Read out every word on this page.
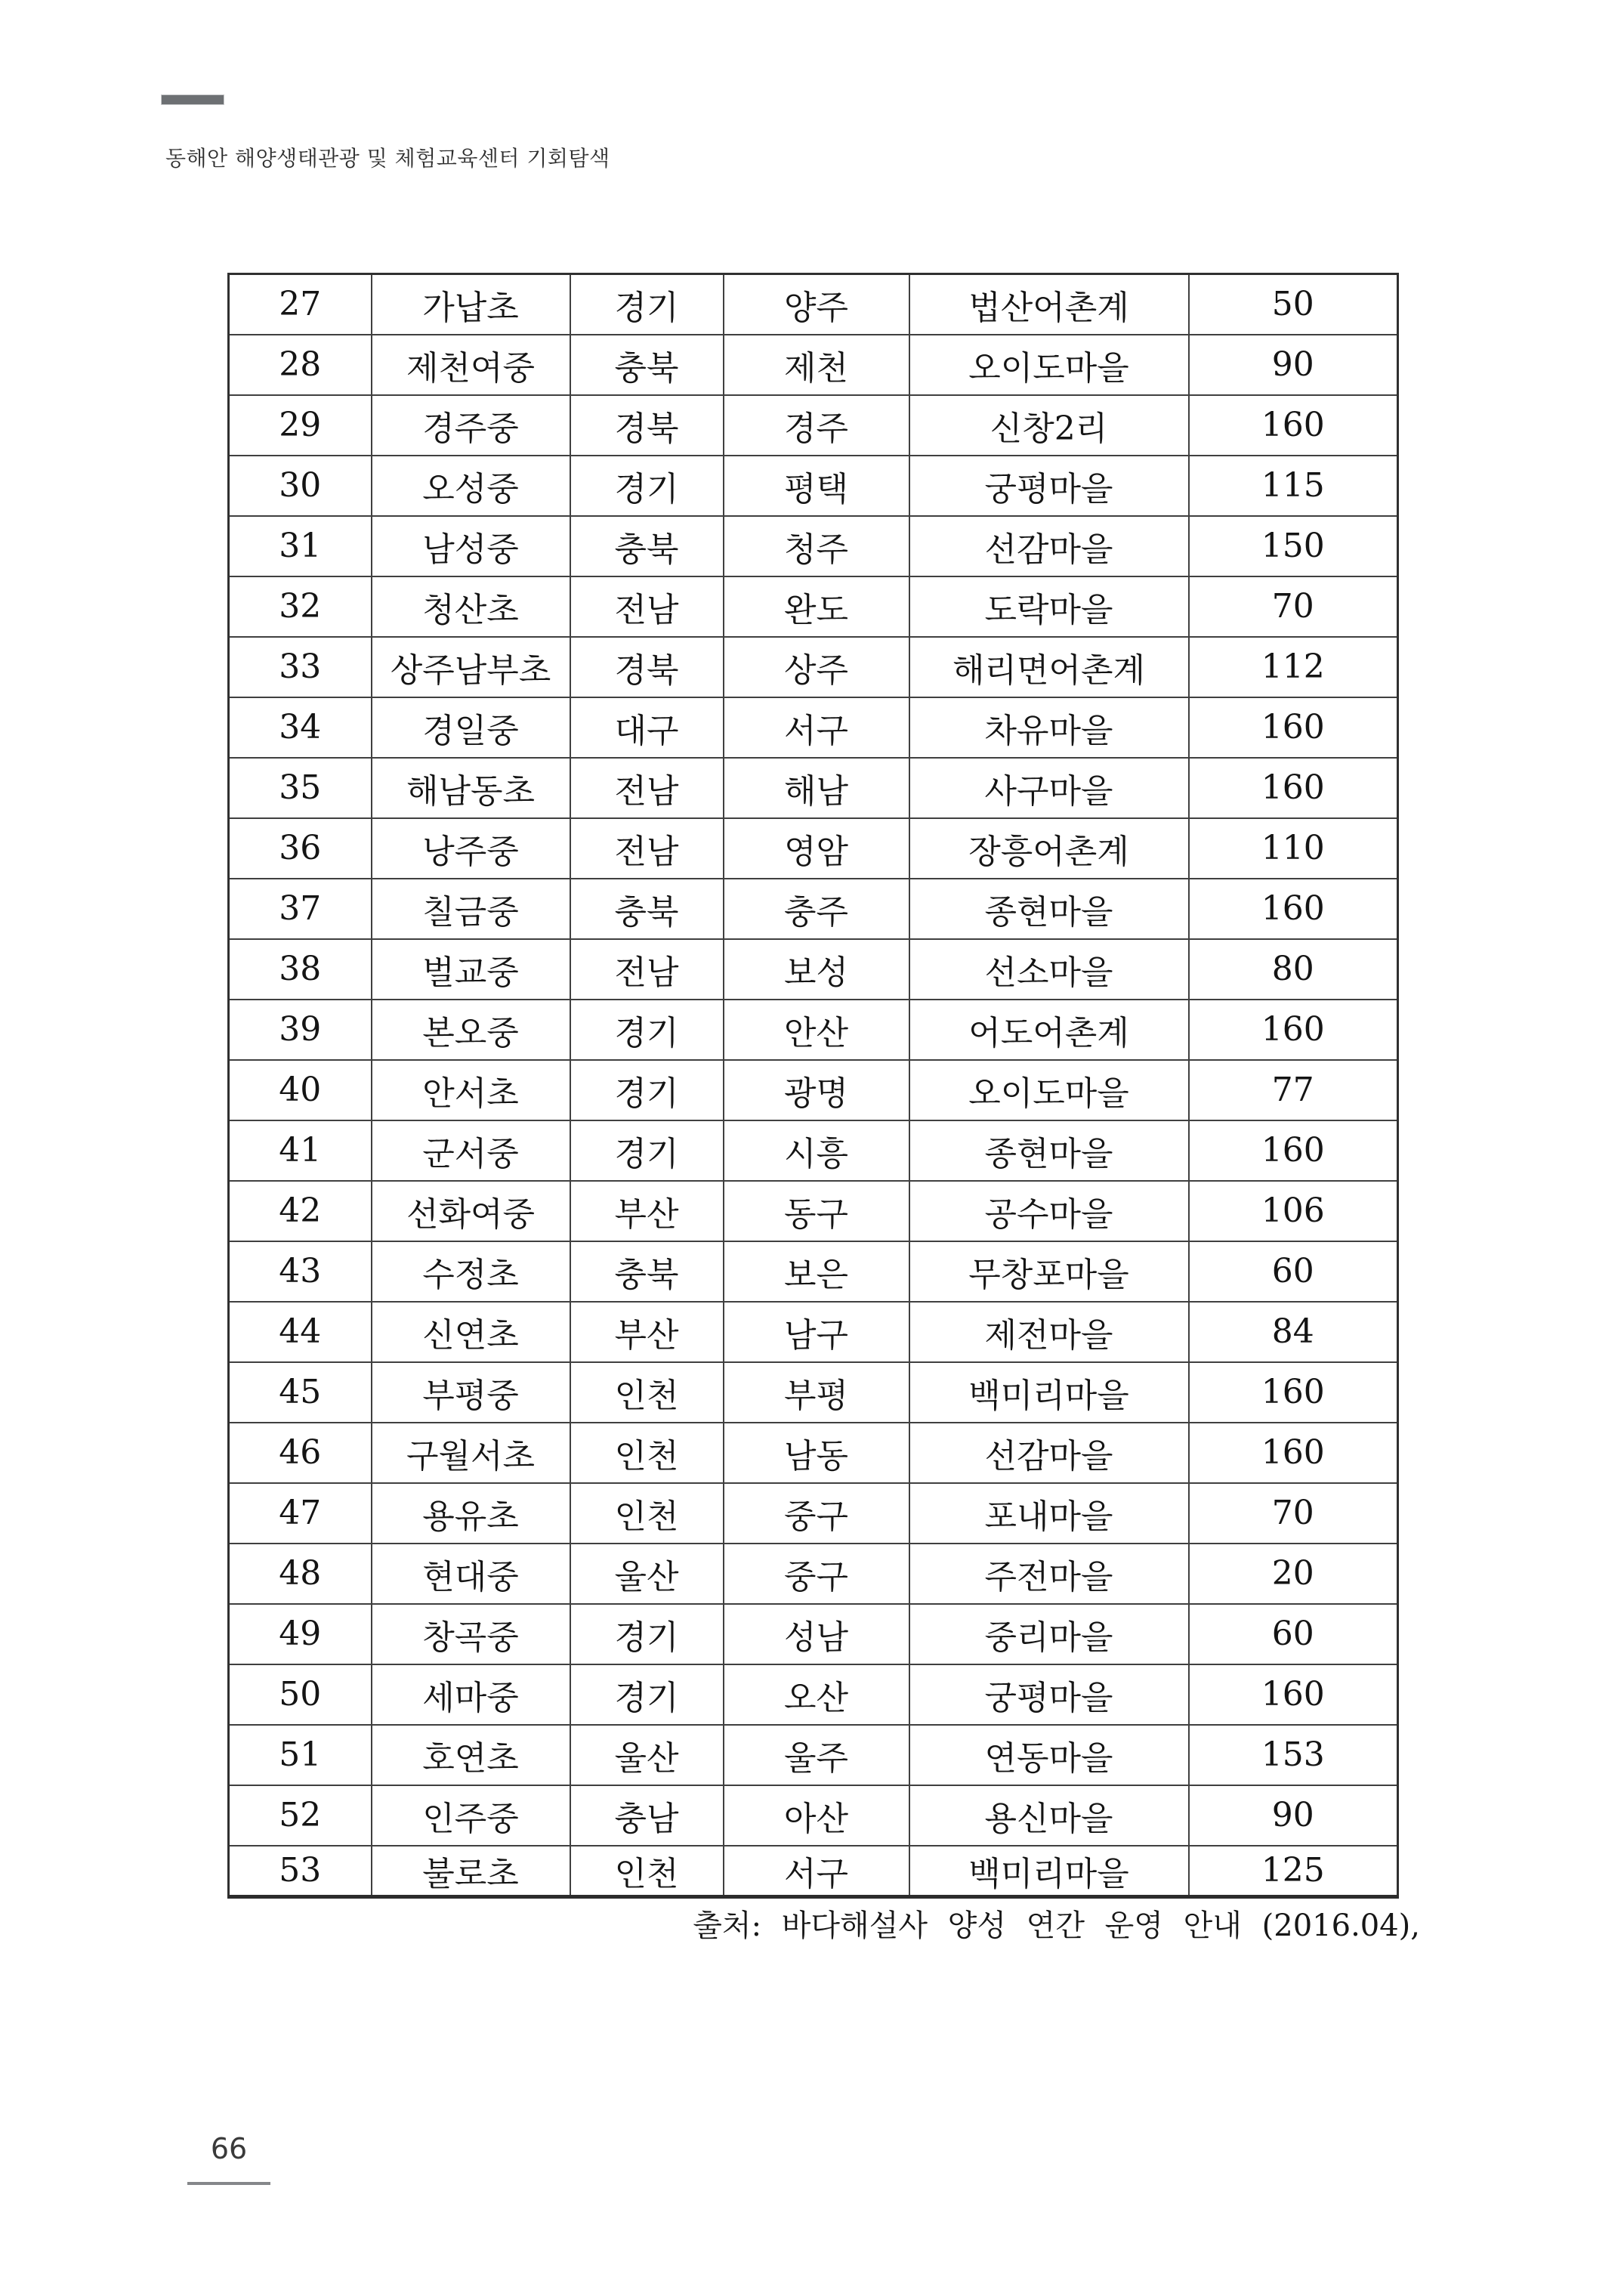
동해안 해양생태관광 및 체험교육센터 기회탐색
27	가납초	경기	양주	법산어촌계	50
28	제천여중	충북	제천	오이도마을	90
29	경주중	경북	경주	신창2리	160
30	오성중	경기	평택	궁평마을	115
31	남성중	충북	청주	선감마을	150
32	청산초	전남	완도	도락마을	70
33	상주남부초	경북	상주	해리면어촌계	112
34	경일중	대구	서구	차유마을	160
35	해남동초	전남	해남	사구마을	160
36	낭주중	전남	영암	장흥어촌계	110
37	칠금중	충북	충주	종현마을	160
38	벌교중	전남	보성	선소마을	80
39	본오중	경기	안산	어도어촌계	160
40	안서초	경기	광명	오이도마을	77
41	군서중	경기	시흥	종현마을	160
42	선화여중	부산	동구	공수마을	106
43	수정초	충북	보은	무창포마을	60
44	신연초	부산	남구	제전마을	84
45	부평중	인천	부평	백미리마을	160
46	구월서초	인천	남동	선감마을	160
47	용유초	인천	중구	포내마을	70
48	현대중	울산	중구	주전마을	20
49	창곡중	경기	성남	중리마을	60
50	세마중	경기	오산	궁평마을	160
51	호연초	울산	울주	연동마을	153
52	인주중	충남	아산	용신마을	90
53	불로초	인천	서구	백미리마을	125
출처: 바다해설사 양성 연간 운영 안내 (2016.04),
66
